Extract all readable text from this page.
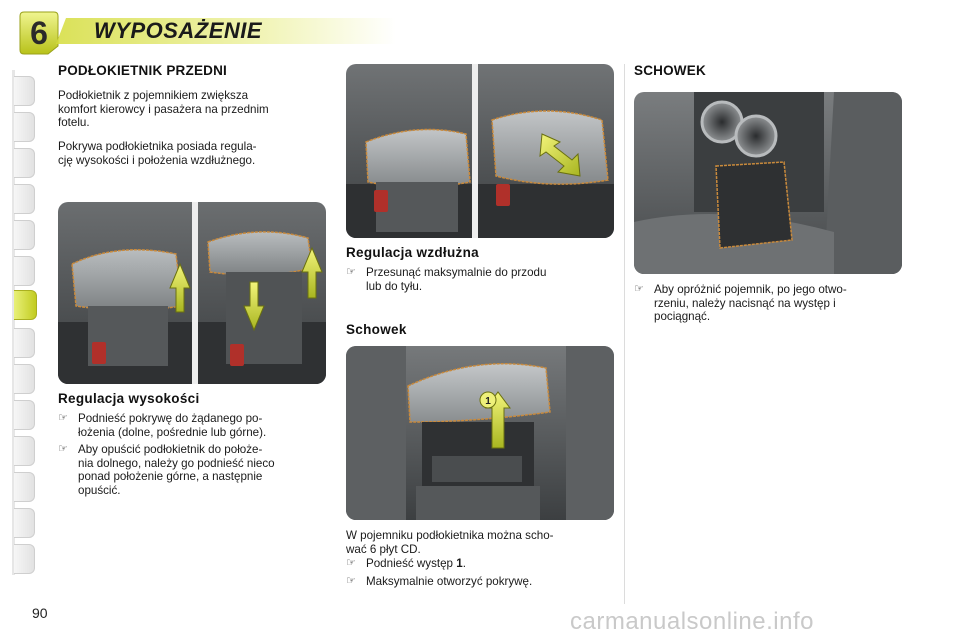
6	WYPOSAŻENIE
PODŁOKIETNIK PRZEDNI
Podłokietnik z pojemnikiem zwiększa
komfort kierowcy i pasażera na przednim
fotelu.
Pokrywa podłokietnika posiada regula-
cję wysokości i położenia wzdłużnego.
Regulacja wysokości
☞ Podnieść pokrywę do żądanego po-
łożenia (dolne, pośrednie lub górne).
☞ Aby opuścić podłokietnik do położe-
nia dolnego, należy go podnieść nieco
ponad położenie górne, a następnie
opuścić.
Regulacja wzdłużna
☞ Przesunąć maksymalnie do przodu
lub do tyłu.
Schowek
1
W pojemniku podłokietnika można scho-
wać 6 płyt CD.
☞ Podnieść występ 1.
☞ Maksymalnie otworzyć pokrywę.
SCHOWEK
☞ Aby opróżnić pojemnik, po jego otwo-
rzeniu, należy nacisnąć na występ i
pociągnąć.
90	carmanualsonline.info
